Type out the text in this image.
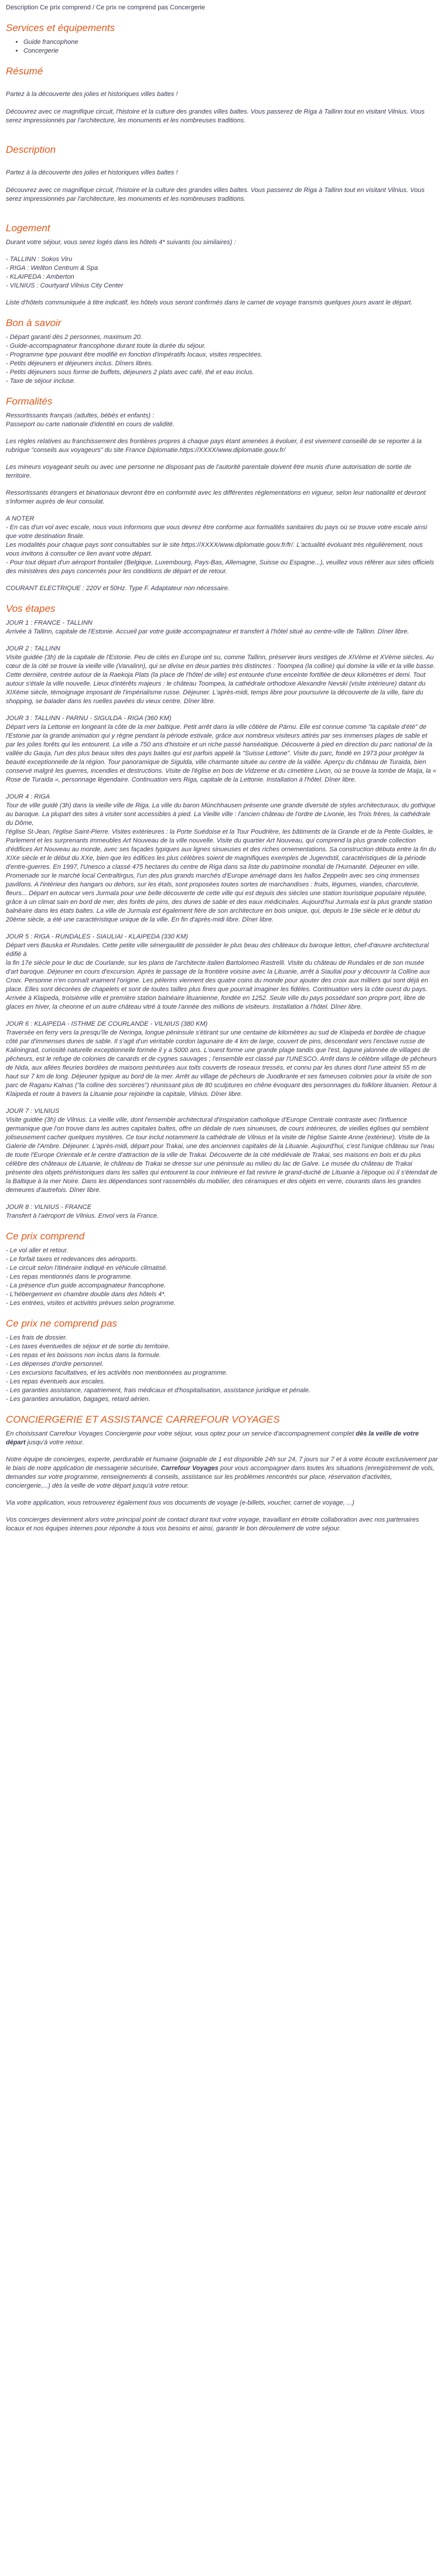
Description Ce prix comprend / Ce prix ne comprend pas Concergerie
Services et équipements
• Guide francophone
• Concergerie
Résumé

Partez à la découverte des jolies et historiques villes baltes !

Découvrez avec ce magnifique circuit, l'histoire et la culture des grandes villes baltes. Vous passerez de Riga à Tallinn tout en visitant Vilnius. Vous serez impressionnés par l'architecture, les monuments et les nombreuses traditions.

Description

Partez à la découverte des jolies et historiques villes baltes !

Découvrez avec ce magnifique circuit, l'histoire et la culture des grandes villes baltes. Vous passerez de Riga à Tallinn tout en visitant Vilnius. Vous serez impressionnés par l'architecture, les monuments et les nombreuses traditions.

Logement
Durant votre séjour, vous serez logés dans les hôtels 4* suivants (ou similaires) :
- TALLINN : Sokos Viru
- RIGA : Wellton Centrum & Spa
- KLAIPEDA : Amberton
- VILNIUS : Courtyard Vilnius City Center
Liste d'hôtels communiquée à titre indicatif, les hôtels vous seront confirmés dans le carnet de voyage transmis quelques jours avant le départ.
Bon à savoir
- Départ garanti dès 2 personnes, maximum 20.
- Guide-accompagnateur francophone durant toute la durée du séjour.
- Programme type pouvant être modifié en fonction d'impératifs locaux, visites respectées.
- Petits déjeuners et déjeuners inclus. Dîners libres.
- Petits déjeuners sous forme de buffets, déjeuners 2 plats avec café, thé et eau inclus.
- Taxe de séjour incluse.
Formalités
Ressortissants français (adultes, bébés et enfants) :
Passeport ou carte nationale d'identité en cours de validité.
Les règles relatives au franchissement des frontières propres à chaque pays étant amenées à évoluer, il est vivement conseillé de se reporter à la rubrique "conseils aux voyageurs" du site France Diplomatie.https://XXXX/www.diplomatie.gouv.fr/
Les mineurs voyageant seuls ou avec une personne ne disposant pas de l'autorité parentale doivent être munis d'une autorisation de sortie de territoire.
Ressortissants étrangers et binationaux devront être en conformité avec les différentes réglementations en vigueur, selon leur nationalité et devront s'informer auprès de leur consulat.
A NOTER
- En cas d'un vol avec escale, nous vous informons que vous devrez être conforme aux formalités sanitaires du pays où se trouve votre escale ainsi que votre destination finale.
Les modalités pour chaque pays sont consultables sur le site https://XXXX/www.diplomatie.gouv.fr/fr/. L'actualité évoluant très régulièrement, nous vous invitons à consulter ce lien avant votre départ.
- Pour tout départ d'un aéroport frontalier (Belgique, Luxembourg, Pays-Bas, Allemagne, Suisse ou Espagne...), veuillez vous référer aux sites officiels des ministères des pays concernés pour les conditions de départ et de retour.
COURANT ELECTRIQUE : 220V et 50Hz. Type F. Adaptateur non nécessaire.
Vos étapes
JOUR 1 : FRANCE - TALLINN
Arrivée à Tallinn, capitale de l'Estonie. Accueil par votre guide accompagnateur et transfert à l'hôtel situé au centre-ville de Tallinn. Dîner libre.
JOUR 2 : TALLINN
Visite guidée (3h) de la capitale de l'Estonie. Peu de cités en Europe ont su, comme Tallinn, préserver leurs vestiges de XIVème et XVème siècles. Au cœur de la cité se trouve la vieille ville (Vanalinn), qui se divise en deux parties très distinctes : Toompea (la colline) qui domine la ville et la ville basse. Cette dernière, centrée autour de la Raekoja Plats (la place de l'hôtel de ville) est entourée d'une enceinte fortifiée de deux kilomètres et demi. Tout autour s'étale la ville nouvelle. Lieux d'intérêts majeurs : le château Toompea, la cathédrale orthodoxe Alexandre Nevski (visite intérieure) datant du XIXème siècle, témoignage imposant de l'impérialisme russe. Déjeuner. L'après-midi, temps libre pour poursuivre la découverte de la ville, faire du shopping, se balader dans les ruelles pavées du vieux centre. Dîner libre.
JOUR 3 : TALLINN - PARNU - SIGULDA - RIGA (360 KM)
Départ vers la Lettonie en longeant la côte de la mer baltique. Petit arrêt dans la ville côtière de Pärnu. Elle est connue comme "la capitale d'été" de l'Estonie par la grande animation qui y règne pendant la période estivale, grâce aux nombreux visiteurs attirés par ses immenses plages de sable et par les jolies forêts qui les entourent. La ville a 750 ans d'histoire et un riche passé hanséatique. Découverte à pied en direction du parc national de la vallée du Gauja, l'un des plus beaux sites des pays baltes qui est parfois appelé la "Suisse Lettone". Visite du parc, fondé en 1973 pour protéger la beauté exceptionnelle de la région. Tour panoramique de Sigulda, ville charmante située au centre de la vallée. Aperçu du château de Turaida, bien conservé malgré les guerres, incendies et destructions. Visite de l'église en bois de Vidzeme et du cimetière Livon, où se trouve la tombe de Maija, la « Rose de Turaida », personnage légendaire. Continuation vers Riga, capitale de la Lettonie. Installation à l'hôtel. Dîner libre.
JOUR 4 : RIGA
Tour de ville guidé (3h) dans la vieille ville de Riga. La ville du baron Münchhausen présente une grande diversité de styles architecturaux, du gothique au baroque. La plupart des sites à visiter sont accessibles à pied. La Vieille ville : l'ancien château de l'ordre de Livonie, les Trois frères, la cathédrale du Dôme,
l'église St-Jean, l'église Saint-Pierre. Visites extérieures : la Porte Suédoise et la Tour Poudrière, les bâtiments de la Grande et de la Petite Guildes, le Parlement et les surprenants immeubles Art Nouveau de la ville nouvelle. Visite du quartier Art Nouveau, qui comprend la plus grande collection d'édifices Art Nouveau au monde, avec ses façades typiques aux lignes sinueuses et des riches ornementations. Sa construction débuta entre la fin du XIXe siècle et le début du XXe, bien que les édifices les plus célèbres soient de magnifiques exemples de Jugendstil, caractéristiques de la période d'entre-guerres. En 1997, l'Unesco a classé 475 hectares du centre de Riga dans sa liste du patrimoine mondial de l'Humanité. Déjeuner en ville. Promenade sur le marché local Centraltirgus, l'un des plus grands marchés d'Europe aménagé dans les hallos Zeppelin avec ses cinq immenses pavillons. A l'intérieur des hangars ou dehors, sur les étals, sont proposées toutes sortes de marchandises : fruits, légumes, viandes, charcuterie, fleurs... Départ en autocar vers Jurmala pour une belle découverte de cette ville qui est depuis des siècles une station touristique populaire réputée, grâce à un climat sain en bord de mer, des forêts de pins, des dunes de sable et des eaux médicinales. Aujourd'hui Jurmala est la plus grande station balnéaire dans les états baltes. La ville de Jurmala est également fière de son architecture en bois unique, qui, depuis le 19e siècle et le début du 20ème siècle, a été une caractéristique unique de la ville. En fin d'après-midi libre. Dîner libre.
JOUR 5 : RIGA - RUNDALES - SIAULIAI - KLAIPEDA (330 KM)
Départ vers Bauska et Rundales. Cette petite ville sénergaulitit de posséder le plus beau des châteaux du baroque letton, chef-d'œuvre architectural édifié à
la fin 17e siècle pour le duc de Courlande, sur les plans de l'architecte italien Bartolomeo Rastrelli. Visite du château de Rundales et de son musée d'art baroque. Déjeuner en cours d'excursion. Après le passage de la frontière voisine avec la Lituanie, arrêt à Siauliai pour y découvrir la Colline aux Croix. Personne n'en connaît vraiment l'origine. Les pèlerins viennent des quatre coins du monde pour ajouter des croix aux milliers qui sont déjà en place. Elles sont décorées de chapelets et sont de toutes tailles plus fines que pourrait imaginer les fidèles. Continuation vers la côte ouest du pays. Arrivée à Klaipeda, troisième ville et première station balnéaire lituanienne, fondée en 1252. Seule ville du pays possédant son propre port, libre de glaces en hiver, la cheonne et un autre château vitré à toute l'année des millions de visiteurs. Installation à l'hôtel. Dîner libre.
JOUR 6 : KLAIPEDA - ISTHME DE COURLANDE - VILNIUS (380 KM)
Traversée en ferry vers la presqu'île de Neringa, longue péninsule s'étirant sur une centaine de kilomètres au sud de Klaipeda et bordée de chaque côté par d'immenses dunes de sable. Il s'agit d'un véritable cordon lagunaire de 4 km de large, couvert de pins, descendant vers l'enclave russe de Kaliningrad, curiosité naturelle exceptionnelle formée il y a 5000 ans. L'ouest forme une grande plage tandis que l'est, lagune jalonnée de villages de pêcheurs, est le refuge de colonies de canards et de cygnes sauvages ; l'ensemble est classé par l'UNESCO. Arrêt dans le célèbre village de pêcheurs de Nida, aux allées fleuries bordées de maisons peinturées aux toits couverts de roseaux tressés, et connu par les dunes dont l'une atteint 55 m de haut sur 7 km de long. Déjeuner typique au bord de la mer. Arrêt au village de pêcheurs de Juodkrante et ses fameuses colonies pour la visite de son parc de Raganu Kalnas ("la colline des sorcières") réunissant plus de 80 sculptures en chêne évoquant des personnages du folklore lituanien. Retour à Klaipeda et route à travers la Lituanie pour rejoindre la capitale, Vilnius. Dîner libre.
JOUR 7 : VILNIUS
Visite guidée (3h) de Vilnius. La vieille ville, dont l'ensemble architectural d'inspiration catholique d'Europe Centrale contraste avec l'influence germanique que l'on trouve dans les autres capitales baltes, offre un dédale de rues sinueuses, de cours intérieures, de vieilles églises qui semblent joliseusement cacher quelques mystères. Ce tour inclut notamment la cathédrale de Vilnius et la visite de l'église Sainte Anne (extérieur). Visite de la Galerie de l'Ambre. Déjeuner. L'après-midi, départ pour Trakai, une des anciennes capitales de la Lituanie. Aujourd'hui, c'est l'unique château sur l'eau de toute l'Europe Orientale et le centre d'attraction de la ville de Trakai. Découverte de la cité médiévale de Trakai, ses maisons en bois et du plus célèbre des châteaux de Lituanie, le château de Trakai se dresse sur une péninsule au milieu du lac de Galve. Le musée du château de Trakai présente des objets préhistoriques dans les salles qui entourent la cour intérieure et fait revivre le grand-duché de Lituanie à l'époque où il s'étendait de la Baltique à la mer Noire. Dans les dépendances sont rassemblés du mobilier, des céramiques et des objets en verre, courants dans les grandes demeures d'autrefois. Dîner libre.
JOUR 8 : VILNIUS - FRANCE
Transfert à l'aéroport de Vilnius. Envol vers la France.
Ce prix comprend
- Le vol aller et retour.
- Le forfait taxes et redevances des aéroports.
- Le circuit selon l'itinéraire indiqué en véhicule climatisé.
- Les repas mentionnés dans le programme.
- La présence d'un guide accompagnateur francophone.
- L'hébergement en chambre double dans des hôtels 4*.
- Les entrées, visites et activités prévues selon programme.
Ce prix ne comprend pas
- Les frais de dossier.
- Les taxes éventuelles de séjour et de sortie du territoire.
- Les repas et les boissons non inclus dans la formule.
- Les dépenses d'ordre personnel.
- Les excursions facultatives, et les activités non mentionnées au programme.
- Les repas éventuels aux escales.
- Les garanties assistance, rapatriement, frais médicaux et d'hospitalisation, assistance juridique et pénale.
- Les garanties annulation, bagages, retard aérien.
CONCIERGERIE ET ASSISTANCE CARREFOUR VOYAGES

En choisissant Carrefour Voyages Conciergerie pour votre séjour, vous optez pour un service d'accompagnement complet dès la veille de votre départ jusqu'à votre retour.

Notre équipe de concierges, experte, perdurable et humaine (joignable de 1 est disponible 24h sur 24, 7 jours sur 7 et à votre écoute exclusivement par le biais de notre application de messagerie sécurisée, Carrefour Voyages pour vous accompagner dans toutes les situations (enregistrement de vols, demandes sur votre programme, renseignements & conseils, assistance sur les problèmes rencontrés sur place, réservation d'activités, conciergerie,...) dès la veille de votre départ jusqu'à votre retour.

Via votre application, vous retrouverez également tous vos documents de voyage (e-billets, voucher, carnet de voyage, ...)

Vos concierges deviennent alors votre principal point de contact durant tout votre voyage, travaillant en étroite collaboration avec nos partenaires locaux et nos équipes internes pour répondre à tous vos besoins et ainsi, garantir le bon déroulement de votre séjour.
